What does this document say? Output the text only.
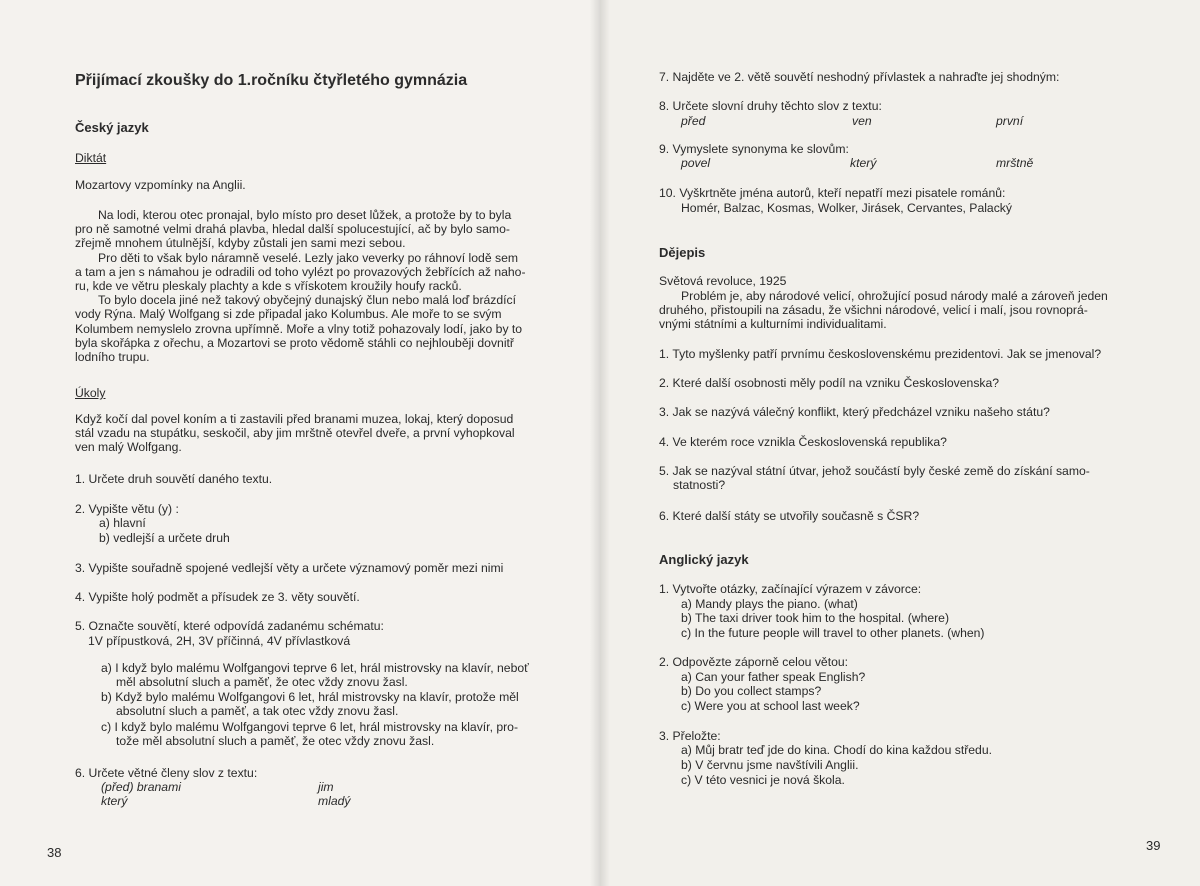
Přijímací zkoušky do 1.ročníku čtyřletého gymnázia
Český jazyk
Diktát
Mozartovy vzpomínky na Anglii.
Na lodi, kterou otec pronajal, bylo místo pro deset lůžek, a protože by to byla
pro ně samotné velmi drahá plavba, hledal další spolucestující, ač by bylo samo-
zřejmě mnohem útulnější, kdyby zůstali jen sami mezi sebou.
Pro děti to však bylo náramně veselé. Lezly jako veverky po ráhnoví lodě sem
a tam a jen s námahou je odradili od toho vylézt po provazových žebřících až naho-
ru, kde ve větru pleskaly plachty a kde s vřískotem kroužily houfy racků.
To bylo docela jiné než takový obyčejný dunajský člun nebo malá loď brázdící
vody Rýna. Malý Wolfgang si zde připadal jako Kolumbus. Ale moře to se svým
Kolumbem nemyslelo zrovna upřímně. Moře a vlny totiž pohazovaly lodí, jako by to
byla skořápka z ořechu, a Mozartovi se proto vědomě stáhli co nejhlouběji dovnitř
lodního trupu.
Úkoly
Když kočí dal povel koním a ti zastavili před branami muzea, lokaj, který doposud
stál vzadu na stupátku, seskočil, aby jim mrštně otevřel dveře, a první vyhopkoval
ven malý Wolfgang.
1. Určete druh souvětí daného textu.
2. Vypište větu (y) :
a) hlavní
b) vedlejší a určete druh
3. Vypište souřadně spojené vedlejší věty a určete významový poměr mezi nimi
4. Vypište holý podmět a přísudek ze 3. věty souvětí.
5. Označte souvětí, které odpovídá zadanému schématu:
1V přípustková, 2H, 3V příčinná, 4V přívlastková
a) I když bylo malému Wolfgangovi teprve 6 let, hrál mistrovsky na klavír, neboť
měl absolutní sluch a paměť, že otec vždy znovu žasl.
b) Když bylo malému Wolfgangovi 6 let, hrál mistrovsky na klavír, protože měl
absolutní sluch a paměť, a tak otec vždy znovu žasl.
c) I když bylo malému Wolfgangovi teprve 6 let, hrál mistrovsky na klavír, pro-
tože měl absolutní sluch a paměť, že otec vždy znovu žasl.
6. Určete větné členy slov z textu:
(před) branami	jim
který	mladý
38
7. Najděte ve 2. větě souvětí neshodný přívlastek a nahraďte jej shodným:
8. Určete slovní druhy těchto slov z textu:
před	ven	první
9. Vymyslete synonyma ke slovům:
povel	který	mrštně
10. Vyškrtněte jména autorů, kteří nepatří mezi pisatele románů:
Homér, Balzac, Kosmas, Wolker, Jirásek, Cervantes, Palacký
Dějepis
Světová revoluce, 1925
Problém je, aby národové velicí, ohrožující posud národy malé a zároveň jeden
druhého, přistoupili na zásadu, že všichni národové, velicí i malí, jsou rovnoprá-
vnými státními a kulturními individualitami.
1. Tyto myšlenky patří prvnímu československému prezidentovi. Jak se jmenoval?
2. Které další osobnosti měly podíl na vzniku Československa?
3. Jak se nazývá válečný konflikt, který předcházel vzniku našeho státu?
4. Ve kterém roce vznikla Československá republika?
5. Jak se nazýval státní útvar, jehož součástí byly české země do získání samo-
statnosti?
6. Které další státy se utvořily současně s ČSR?
Anglický jazyk
1. Vytvořte otázky, začínající výrazem v závorce:
a) Mandy plays the piano. (what)
b) The taxi driver took him to the hospital. (where)
c) In the future people will travel to other planets. (when)
2. Odpovězte záporně celou větou:
a) Can your father speak English?
b) Do you collect stamps?
c) Were you at school last week?
3. Přeložte:
a) Můj bratr teď jde do kina. Chodí do kina každou středu.
b) V červnu jsme navštívili Anglii.
c) V této vesnici je nová škola.
39
